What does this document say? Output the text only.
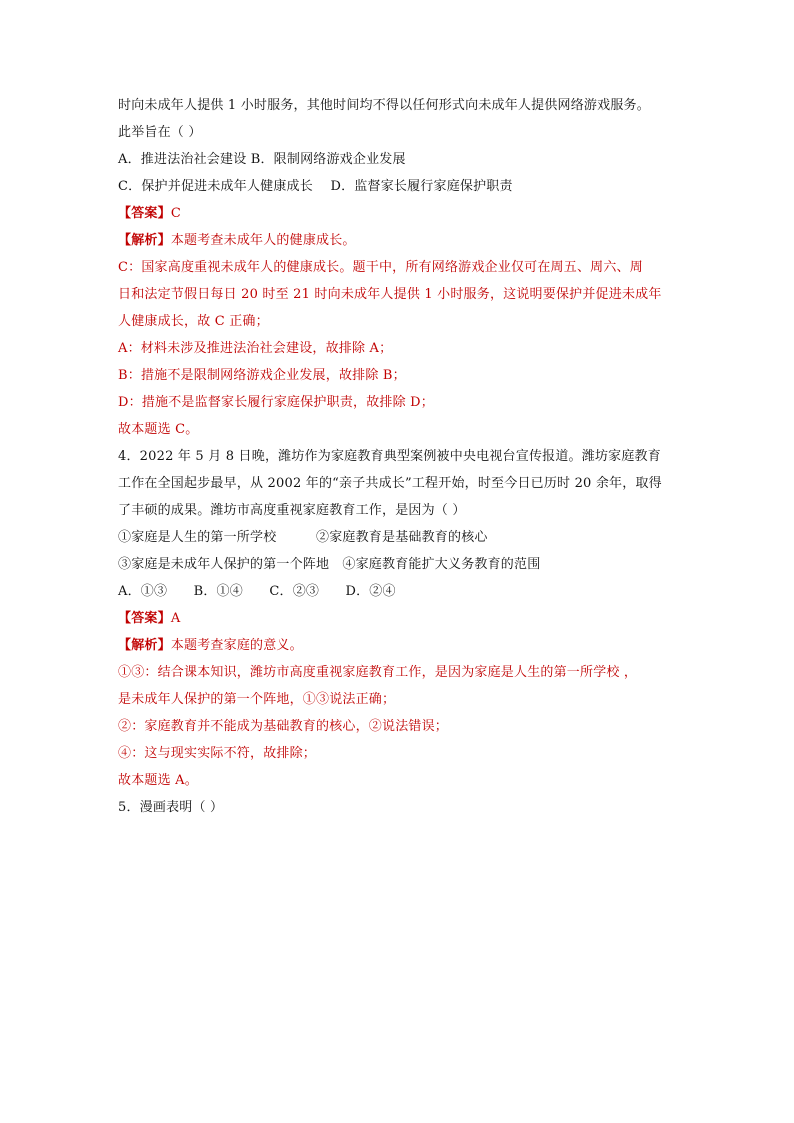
时向未成年人提供 1 小时服务，其他时间均不得以任何形式向未成年人提供网络游戏服务。
此举旨在（ ）
A．推进法治社会建设 B．限制网络游戏企业发展
C．保护并促进未成年人健康成长　 D．监督家长履行家庭保护职责
【答案】C
【解析】本题考查未成年人的健康成长。
C：国家高度重视未成年人的健康成长。题干中，所有网络游戏企业仅可在周五、周六、周
日和法定节假日每日 20 时至 21 时向未成年人提供 1 小时服务，这说明要保护并促进未成年
人健康成长，故 C 正确；
A：材料未涉及推进法治社会建设，故排除 A；
B：措施不是限制网络游戏企业发展，故排除 B；
D：措施不是监督家长履行家庭保护职责，故排除 D；
故本题选 C。
4．2022 年 5 月 8 日晚，潍坊作为家庭教育典型案例被中央电视台宣传报道。潍坊家庭教育
工作在全国起步最早，从 2002 年的“亲子共成长”工程开始，时至今日已历时 20 余年，取得
了丰硕的成果。潍坊市高度重视家庭教育工作，是因为（ ）
①家庭是人生的第一所学校　　　②家庭教育是基础教育的核心
③家庭是未成年人保护的第一个阵地　④家庭教育能扩大义务教育的范围
A．①③　　B．①④　　C．②③　　D．②④
【答案】A
【解析】本题考查家庭的意义。
①③：结合课本知识，潍坊市高度重视家庭教育工作，是因为家庭是人生的第一所学校 ，
是未成年人保护的第一个阵地，①③说法正确；
②：家庭教育并不能成为基础教育的核心，②说法错误；
④：这与现实实际不符，故排除；
故本题选 A。
5．漫画表明（ ）
